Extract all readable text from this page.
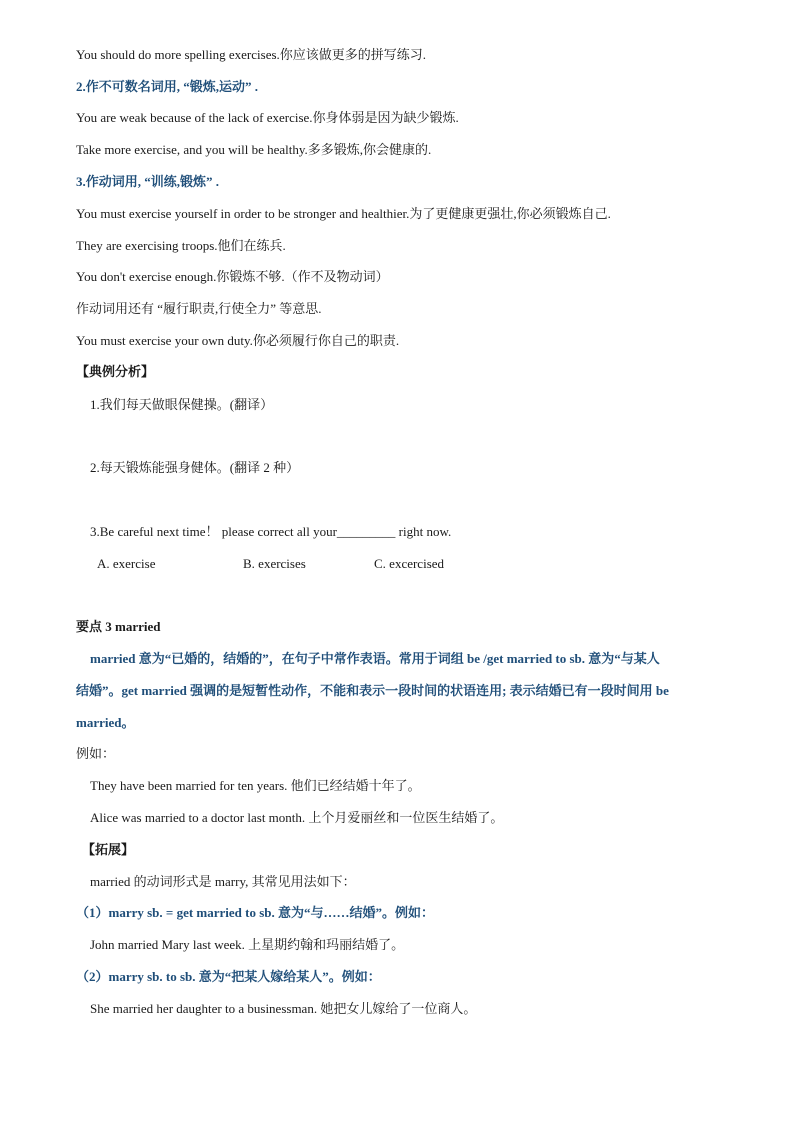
You should do more spelling exercises.你应该做更多的拼写练习.
2.作不可数名词用, “锻炼,运动” .
You are weak because of the lack of exercise.你身体弱是因为缺少锻炼.
Take more exercise, and you will be healthy.多多锻炼,你会健康的.
3.作动词用, “训练,锻炼” .
You must exercise yourself in order to be stronger and healthier.为了更健康更强壮,你必须锻炼自己.
They are exercising troops.他们在练兵.
You don't exercise enough.你锻炼不够.（作不及物动词）
作动词用还有 “履行职责,行使全力” 等意思.
You must exercise your own duty.你必须履行你自己的职责.
【典例分析】
1.我们每天做眼保健操。(翻译）
2.每天锻炼能强身健体。(翻译 2 种）
3.Be careful next time！ please correct all your_________ right now.
A. exercise	B. exercises	C. excercised
要点 3 married
married 意为“已婚的，结婚的”，在句子中常作表语。常用于词组 be /get married to sb. 意为“与某人
结婚”。get married 强调的是短暂性动作，不能和表示一段时间的状语连用; 表示结婚已有一段时间用 be
married。
例如：
They have been married for ten years. 他们已经结婚十年了。
Alice was married to a doctor last month. 上个月爱丽丝和一位医生结婚了。
【拓展】
married 的动词形式是 marry, 其常见用法如下：
（1）marry sb. = get married to sb. 意为“与……结婚”。例如：
John married Mary last week. 上星期约翰和玛丽结婚了。
（2）marry sb. to sb. 意为“把某人嫁给某人”。例如：
She married her daughter to a businessman. 她把女儿嫁给了一位商人。
